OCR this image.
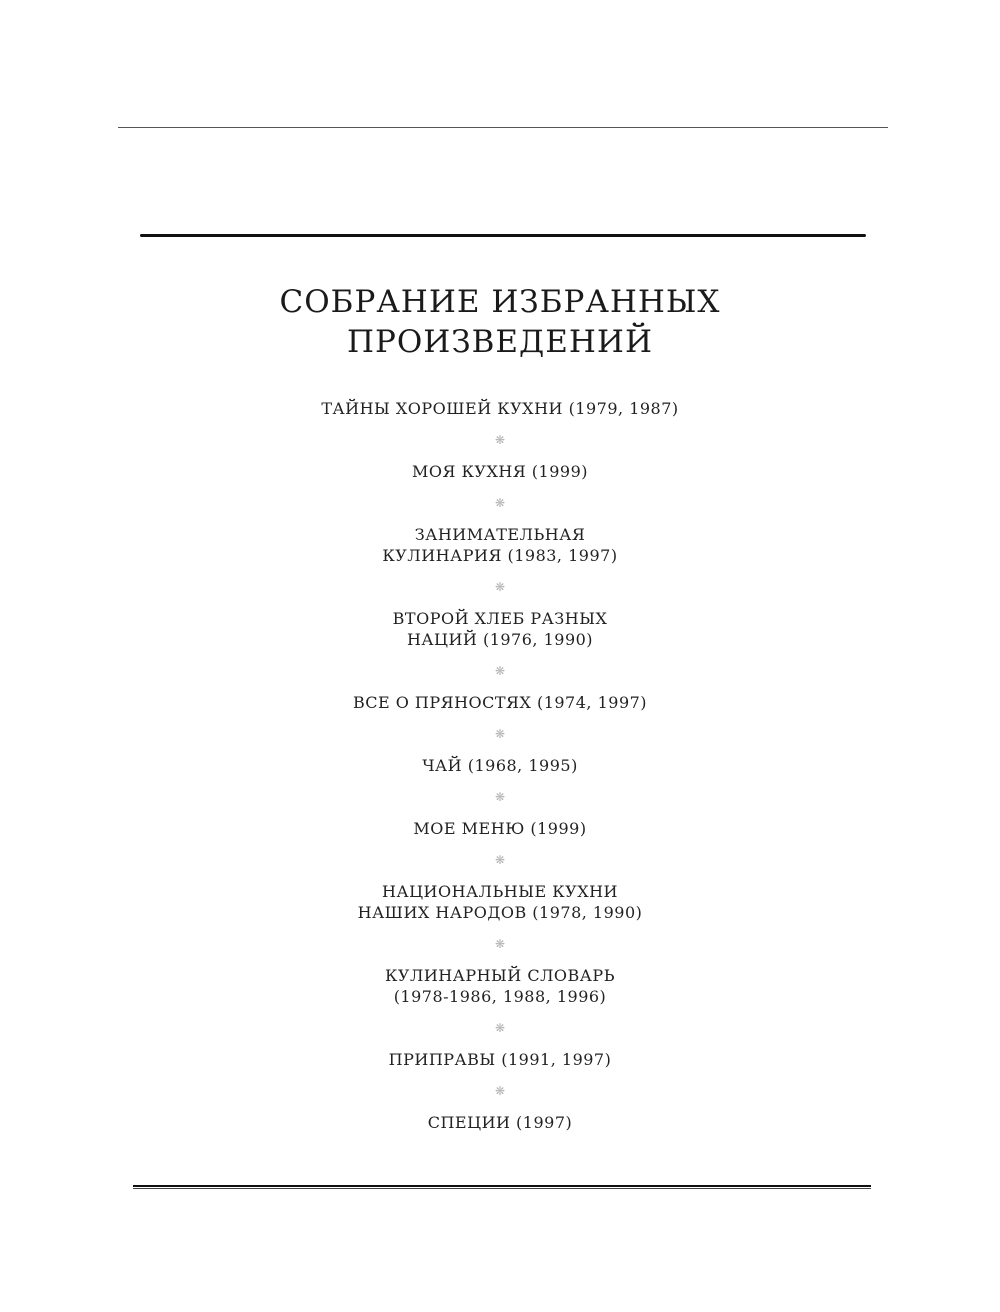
СОБРАНИЕ ИЗБРАННЫХ
ПРОИЗВЕДЕНИЙ
ТАЙНЫ ХОРОШЕЙ КУХНИ (1979, 1987)
❋
МОЯ КУХНЯ (1999)
❋
ЗАНИМАТЕЛЬНАЯ
КУЛИНАРИЯ (1983, 1997)
❋
ВТОРОЙ ХЛЕБ РАЗНЫХ
НАЦИЙ (1976, 1990)
❋
ВСЕ О ПРЯНОСТЯХ (1974, 1997)
❋
ЧАЙ (1968, 1995)
❋
МОЕ МЕНЮ (1999)
❋
НАЦИОНАЛЬНЫЕ КУХНИ
НАШИХ НАРОДОВ (1978, 1990)
❋
КУЛИНАРНЫЙ СЛОВАРЬ
(1978-1986, 1988, 1996)
❋
ПРИПРАВЫ (1991, 1997)
❋
СПЕЦИИ (1997)
